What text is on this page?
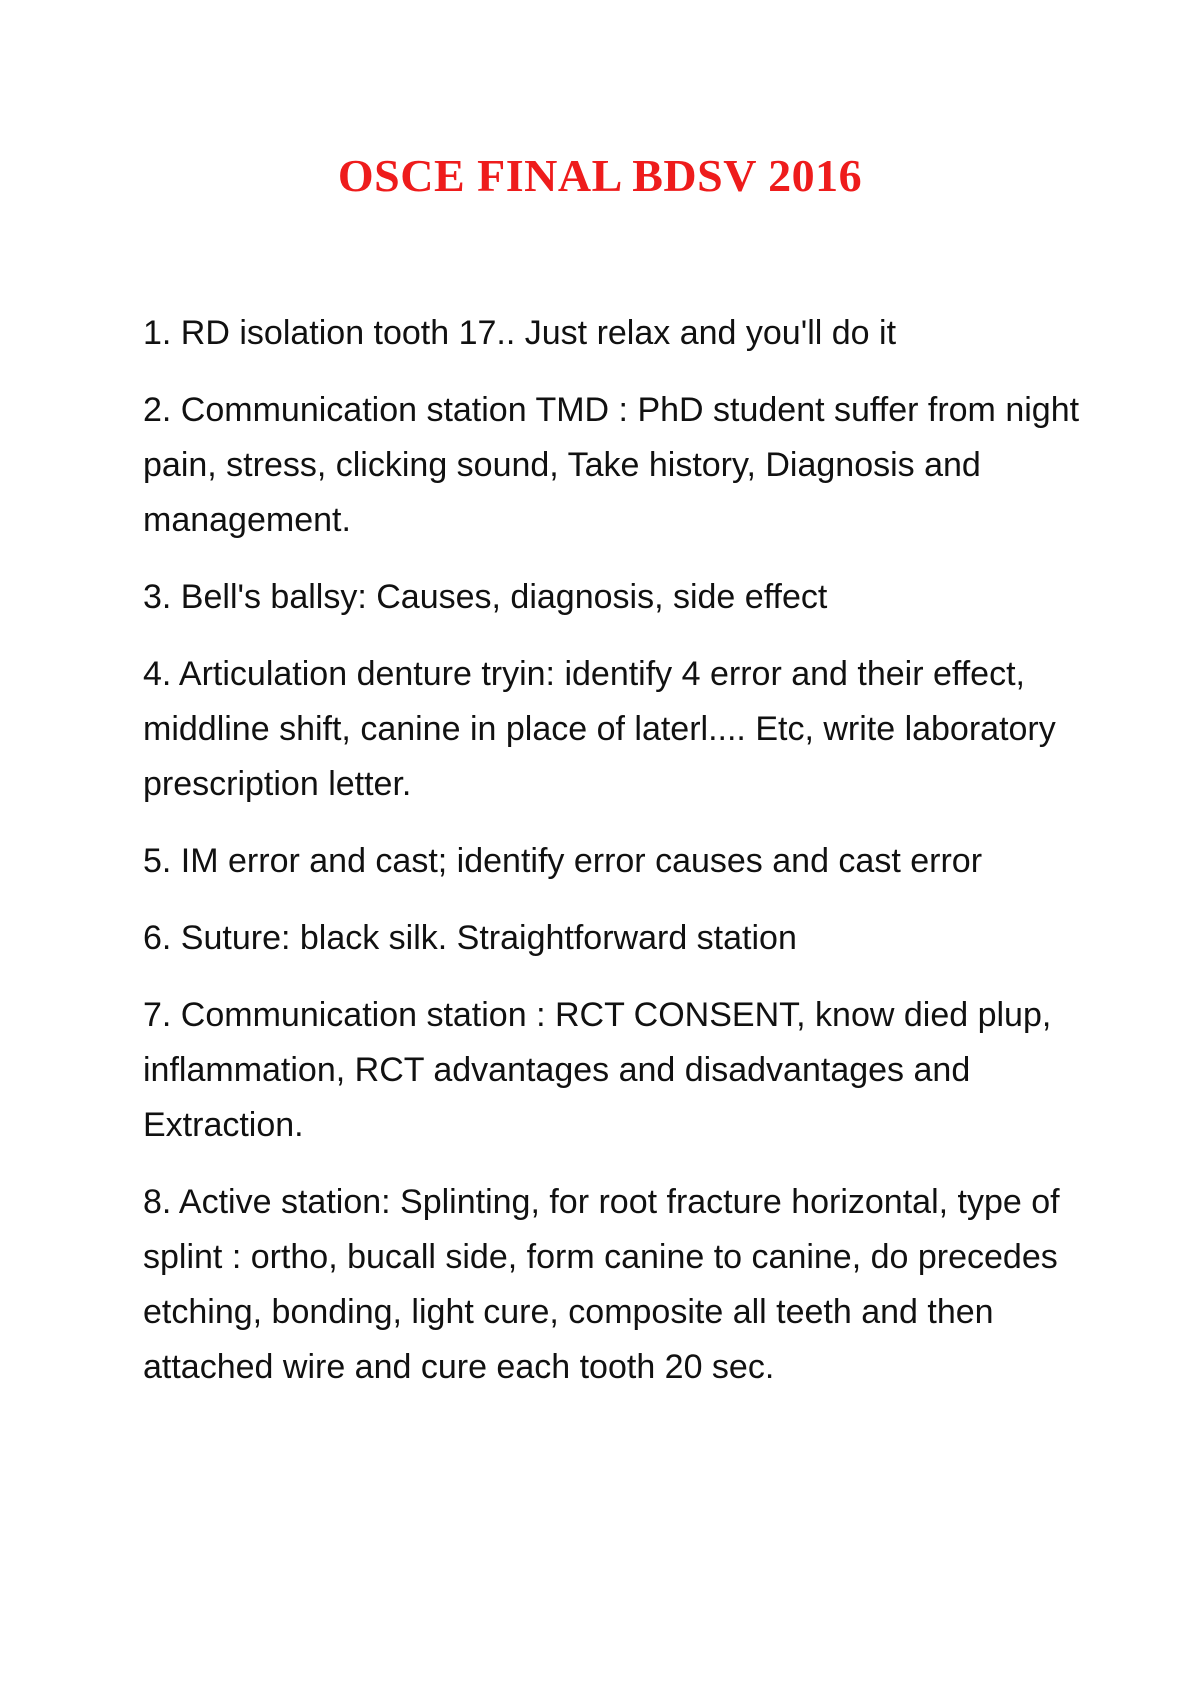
OSCE FINAL BDSV 2016
1. RD isolation tooth 17.. Just relax and you'll do it
2. Communication station TMD : PhD student suffer from night pain, stress, clicking sound, Take history, Diagnosis and management.
3. Bell's ballsy: Causes, diagnosis, side effect
4. Articulation denture tryin: identify 4 error and their effect, middline shift, canine in place of laterl.... Etc, write laboratory prescription letter.
5. IM error and cast; identify error causes and cast error
6. Suture: black silk. Straightforward station
7. Communication station : RCT CONSENT, know died plup, inflammation, RCT advantages and disadvantages and Extraction.
8. Active station: Splinting, for root fracture horizontal, type of splint : ortho, bucall side, form canine to canine, do precedes etching, bonding, light cure, composite all teeth and then attached wire and cure each tooth 20 sec.
